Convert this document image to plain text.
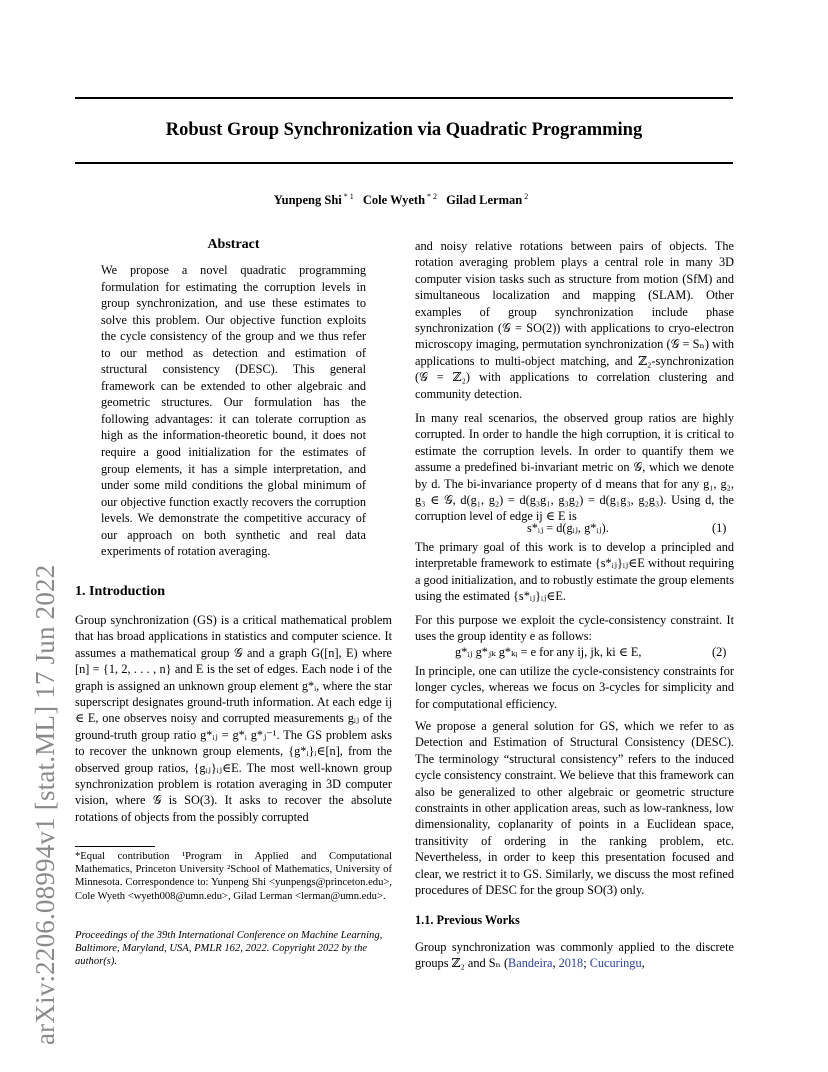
arXiv:2206.08994v1 [stat.ML] 17 Jun 2022
Robust Group Synchronization via Quadratic Programming
Yunpeng Shi $^{* 1}$ Cole Wyeth $^{* 2}$ Gilad Lerman $^2$
Abstract
We propose a novel quadratic programming formulation for estimating the corruption levels in group synchronization, and use these estimates to solve this problem. Our objective function exploits the cycle consistency of the group and we thus refer to our method as detection and estimation of structural consistency (DESC). This general framework can be extended to other algebraic and geometric structures. Our formulation has the following advantages: it can tolerate corruption as high as the information-theoretic bound, it does not require a good initialization for the estimates of group elements, it has a simple interpretation, and under some mild conditions the global minimum of our objective function exactly recovers the corruption levels. We demonstrate the competitive accuracy of our approach on both synthetic and real data experiments of rotation averaging.
1. Introduction
Group synchronization (GS) is a critical mathematical problem that has broad applications in statistics and computer science. It assumes a mathematical group 𝒢 and a graph G([n], E) where [n] = {1, 2, . . . , n} and E is the set of edges. Each node i of the graph is assigned an unknown group element g*ᵢ, where the star superscript designates ground-truth information. At each edge ij ∈ E, one observes noisy and corrupted measurements gᵢⱼ of the ground-truth group ratio g*ᵢⱼ = g*ᵢ g*ⱼ⁻¹. The GS problem asks to recover the unknown group elements, {g*ᵢ}ᵢ∈[n], from the observed group ratios, {gᵢⱼ}ᵢⱼ∈E. The most well-known group synchronization problem is rotation averaging in 3D computer vision, where 𝒢 is SO(3). It asks to recover the absolute rotations of objects from the possibly corrupted
*Equal contribution ¹Program in Applied and Computational Mathematics, Princeton University ²School of Mathematics, University of Minnesota. Correspondence to: Yunpeng Shi <yunpengs@princeton.edu>, Cole Wyeth <wyeth008@umn.edu>, Gilad Lerman <lerman@umn.edu>.
Proceedings of the 39th International Conference on Machine Learning, Baltimore, Maryland, USA, PMLR 162, 2022. Copyright 2022 by the author(s).
and noisy relative rotations between pairs of objects. The rotation averaging problem plays a central role in many 3D computer vision tasks such as structure from motion (SfM) and simultaneous localization and mapping (SLAM). Other examples of group synchronization include phase synchronization (𝒢 = SO(2)) with applications to cryo-electron microscopy imaging, permutation synchronization (𝒢 = Sₙ) with applications to multi-object matching, and ℤ₂-synchronization (𝒢 = ℤ₂) with applications to correlation clustering and community detection.
In many real scenarios, the observed group ratios are highly corrupted. In order to handle the high corruption, it is critical to estimate the corruption levels. In order to quantify them we assume a predefined bi-invariant metric on 𝒢, which we denote by d. The bi-invariance property of d means that for any g₁, g₂, g₃ ∈ 𝒢, d(g₁, g₂) = d(g₃g₁, g₃g₂) = d(g₁g₃, g₂g₃). Using d, the corruption level of edge ij ∈ E is
s*ᵢⱼ = d(gᵢⱼ, g*ᵢⱼ).	(1)
The primary goal of this work is to develop a principled and interpretable framework to estimate {s*ᵢⱼ}ᵢⱼ∈E without requiring a good initialization, and to robustly estimate the group elements using the estimated {s*ᵢⱼ}ᵢⱼ∈E.
For this purpose we exploit the cycle-consistency constraint. It uses the group identity e as follows:
g*ᵢⱼ g*ⱼₖ g*ₖᵢ = e for any ij, jk, ki ∈ E,	(2)
In principle, one can utilize the cycle-consistency constraints for longer cycles, whereas we focus on 3-cycles for simplicity and for computational efficiency.
We propose a general solution for GS, which we refer to as Detection and Estimation of Structural Consistency (DESC). The terminology “structural consistency” refers to the induced cycle consistency constraint. We believe that this framework can also be generalized to other algebraic or geometric structure constraints in other application areas, such as low-rankness, low dimensionality, coplanarity of points in a Euclidean space, transitivity of ordering in the ranking problem, etc. Nevertheless, in order to keep this presentation focused and clear, we restrict it to GS. Similarly, we discuss the most refined procedures of DESC for the group SO(3) only.
1.1. Previous Works
Group synchronization was commonly applied to the discrete groups ℤ₂ and Sₙ (Bandeira, 2018; Cucuringu,
